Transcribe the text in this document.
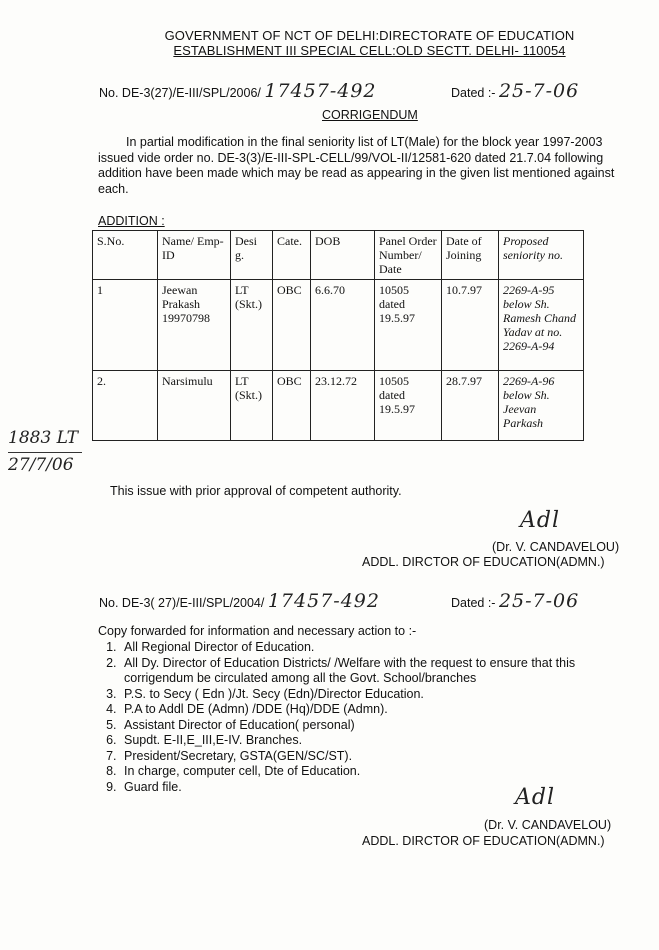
GOVERNMENT OF NCT OF DELHI:DIRECTORATE OF EDUCATION
ESTABLISHMENT III SPECIAL CELL:OLD SECTT. DELHI- 110054
No. DE-3(27)/E-III/SPL/2006/ 17457-492	Dated :- 25-7-06
CORRIGENDUM
In partial modification in the final seniority list of LT(Male) for the block year 1997-2003 issued vide order no. DE-3(3)/E-III-SPL-CELL/99/VOL-II/12581-620 dated 21.7.04 following addition have been made which may be read as appearing in the given list mentioned against each.
ADDITION :
S.No.	Name/ Emp-ID	Desi g.	Cate.	DOB	Panel Order Number/ Date	Date of Joining	Proposed seniority no.
1	Jeewan Prakash 19970798	LT (Skt.)	OBC	6.6.70	10505 dated 19.5.97	10.7.97	2269-A-95 below Sh. Ramesh Chand Yadav at no. 2269-A-94
2.	Narsimulu	LT (Skt.)	OBC	23.12.72	10505 dated 19.5.97	28.7.97	2269-A-96 below Sh. Jeevan Parkash
1883 LT
27/7/06
This issue with prior approval of competent authority.
Adl
(Dr. V. CANDAVELOU)
ADDL. DIRCTOR OF EDUCATION(ADMN.)
No. DE-3( 27)/E-III/SPL/2004/ 17457-492	Dated :- 25-7-06
Copy forwarded for information and necessary action to :-
1. All Regional Director of Education.
2. All Dy. Director of Education Districts/ /Welfare with the request to ensure that this corrigendum be circulated among all the Govt. School/branches
3. P.S. to Secy ( Edn )/Jt. Secy (Edn)/Director Education.
4. P.A to Addl DE (Admn) /DDE (Hq)/DDE (Admn).
5. Assistant Director of Education( personal)
6. Supdt. E-II,E_III,E-IV. Branches.
7. President/Secretary, GSTA(GEN/SC/ST).
8. In charge, computer cell, Dte of Education.
9. Guard file.	Adl
(Dr. V. CANDAVELOU)
ADDL. DIRCTOR OF EDUCATION(ADMN.)
